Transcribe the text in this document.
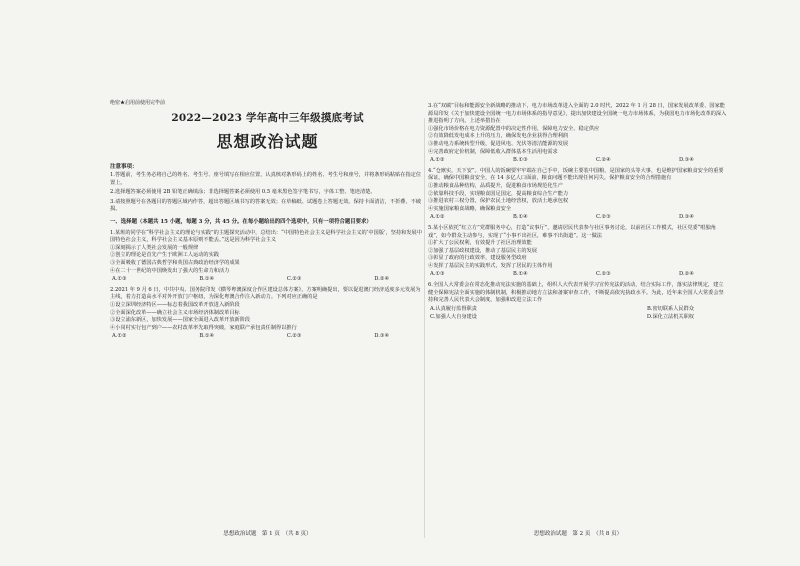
绝密★启用前使用完毕前

2022—2023 学年高中三年级摸底考试

思想政治试题

注意事项：

1.答题前，考生务必将自己的姓名、考生号、座号填写在相应位置，认真核对条形码上的姓名、考生号和座号，并将条形码粘贴在指定位置上。

2.选择题答案必须使用 2B 铅笔正确填涂；非选择题答案必须使用 0.5 毫米黑色签字笔书写，字体工整、笔迹清楚。

3.请按照题号在各题目的答题区域内作答，超出答题区域书写的答案无效；在草稿纸、试题卷上答题无效。保持卡面清洁，不折叠、不破损。

一、选择题（本题共 15 小题，每题 3 分，共 45 分。在每小题给出的四个选项中，只有一项符合题目要求）

1.某班的同学在“科学社会主义的理论与实践”的主题探究活动中，总结出：“中国特色社会主义是科学社会主义的‘中国版’，坚持和发展中国特色社会主义，科学社会主义基本原则不能丢。”这是因为科学社会主义

①深刻揭示了人类社会发展的一般规律

②创立的理论是首先产生于欧洲工人运动的实践

③全面吸收了德国古典哲学和英国古典政治经济学的成果

④在二十一世纪的中国焕发出了强大的生命力和活力

A.①③	B.①④	C.②③	D.②④

2.2021 年 9 月 6 日，中共中央、国务院印发《横琴粤澳深度合作区建设总体方案》，方案明确提出，要以促进澳门经济适度多元发展为主线，着力打造高水平对外开放门户枢纽，为深化粤澳合作注入新动力。下列对应正确的是

①设立深圳经济特区——标志着我国改革开放进入新阶段

②全面深化改革——确立社会主义市场经济体制改革目标

③设立浦东新区，加快发展——国家全面进入改革开放新阶段

④小岗村实行包产到户——农村改革率先取得突破，家庭联产承包责任制得以推行

A.①②	B.①④	C.②③	D.③④

3.在“双碳”目标和能源安全新战略的推动下，电力市场改革进入全面的 2.0 时代，2022 年 1 月 28 日，国家发展改革委、国家能源局印发《关于加快建设全国统一电力市场体系的指导意见》，提出加快建设全国统一电力市场体系，为我国电力市场化改革的深入推进指明了方向。上述举措旨在

①强化市场价格在电力资源配置中的决定性作用，保障电力安全、稳定供应

②有效降低发电成本上升的压力，确保发电企业获得合理利润

③推动电力系统转型升级，促进风电、光伏等清洁能源的发展

④完善政府定价机制，保障低收入群体基本生活用电需求

A.①②	B.①③	C.②④	D.③④

4.“仓廪实，天下安”。中国人的饭碗要牢牢端在自己手中，饭碗主要装中国粮，是国家的头等大事，也是维护国家粮食安全的重要保证。确保中国粮食安全，在 14 多亿人口面前，粮食问题不能出现任何闪失。保护粮食安全的合理措施有

①推动粮食品种结构，品质提升，促进粮食市场规范化生产

②依靠科技手段，实现粮食国足国定，提高粮食综合生产能力

③推进农村三权分置，保护农民土地经营权，放活土地承包权

④实施国家粮食战略，确保粮食安全

A.①②	B.①④	C.②③	D.③④

5.某小区依托“红立方”党群服务中心，打造“议事厅”，邀请居民代表参与社区事务讨论，以前社区工作模式，社区党委“唱独角戏”，如今群众主动参与，实现了“小事不出社区，难事不出街道”。这一做法

①扩大了公民权利，有效提升了社区治理效能

②加强了基层政权建设，推动了基层民主的发展

③彰显了政府的行政效率，建设服务型政府

④发挥了基层民主的实践形式，发挥了居民的主体作用

A.①③	B.①④	C.②③	D.②④

6.全国人大常委会在常态化推动宪法实施的基础上，组织人大代表开展学习宣传宪法的活动，结合实际工作，落实法律规定，建立健全保障宪法全面实施的体制机制，积极推动地方立法和备案审查工作，不断提高依宪执政水平。为此，近年来全国人大常委会坚持和完善人民代表大会制度，加强和改进立法工作

A.认真履行监督职责	B.密切联系人民群众
C.加强人大自身建设	D.深化立法机关职权
思想政治试题　第 1 页　（共 8 页）	思想政治试题　第 2 页　（共 8 页）
